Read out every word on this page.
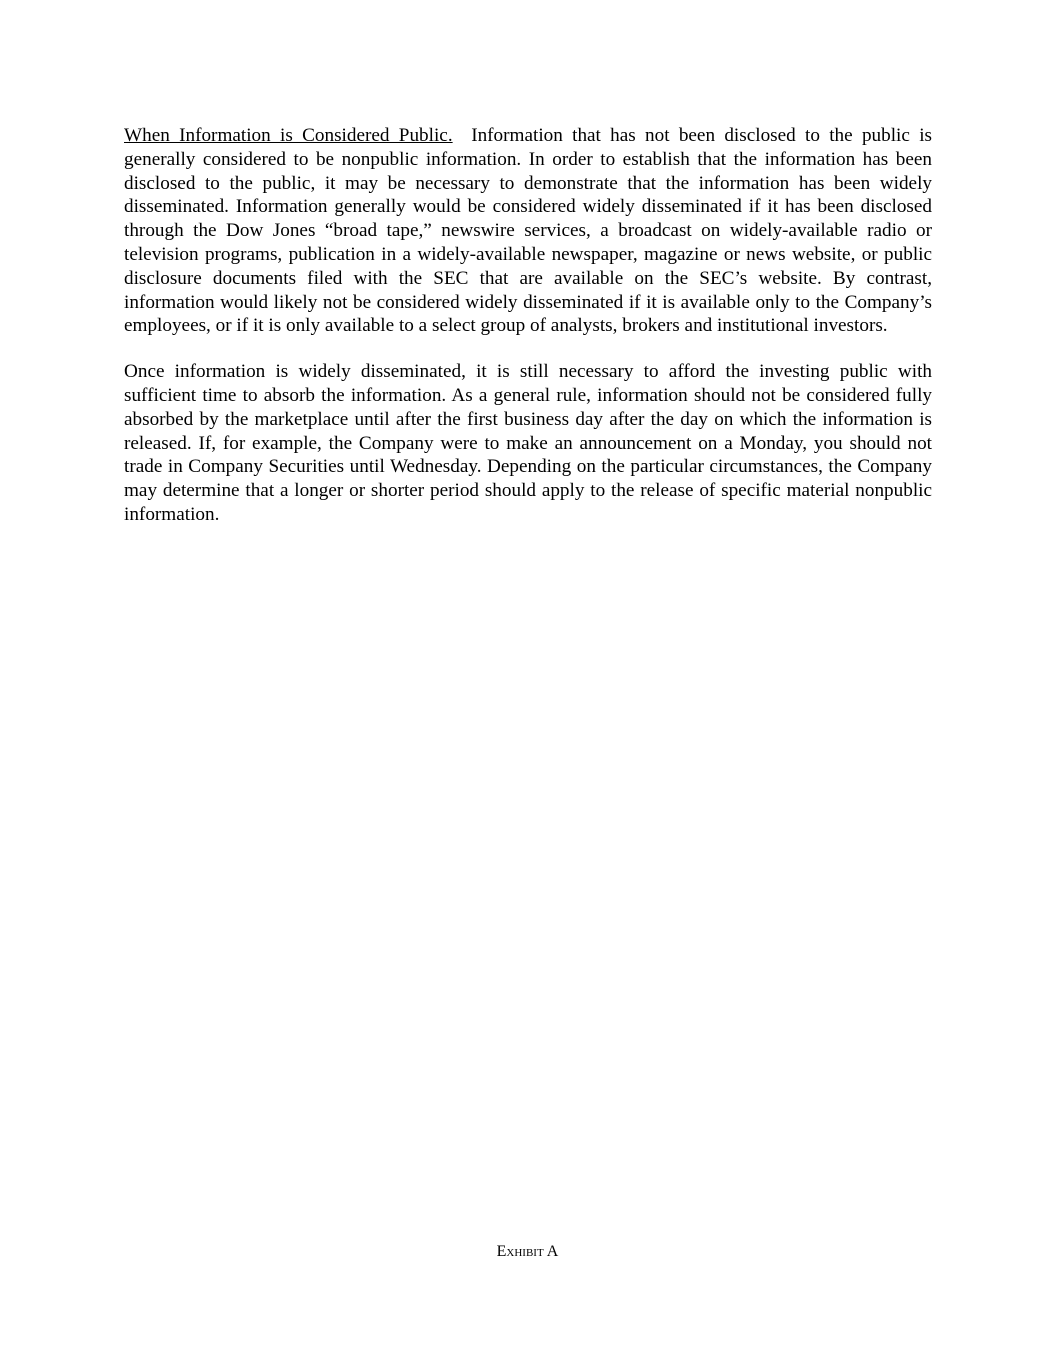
When Information is Considered Public. Information that has not been disclosed to the public is generally considered to be nonpublic information. In order to establish that the information has been disclosed to the public, it may be necessary to demonstrate that the information has been widely disseminated. Information generally would be considered widely disseminated if it has been disclosed through the Dow Jones “broad tape,” newswire services, a broadcast on widely-available radio or television programs, publication in a widely-available newspaper, magazine or news website, or public disclosure documents filed with the SEC that are available on the SEC’s website. By contrast, information would likely not be considered widely disseminated if it is available only to the Company’s employees, or if it is only available to a select group of analysts, brokers and institutional investors.

Once information is widely disseminated, it is still necessary to afford the investing public with sufficient time to absorb the information. As a general rule, information should not be considered fully absorbed by the marketplace until after the first business day after the day on which the information is released. If, for example, the Company were to make an announcement on a Monday, you should not trade in Company Securities until Wednesday. Depending on the particular circumstances, the Company may determine that a longer or shorter period should apply to the release of specific material nonpublic information.

Exhibit A
